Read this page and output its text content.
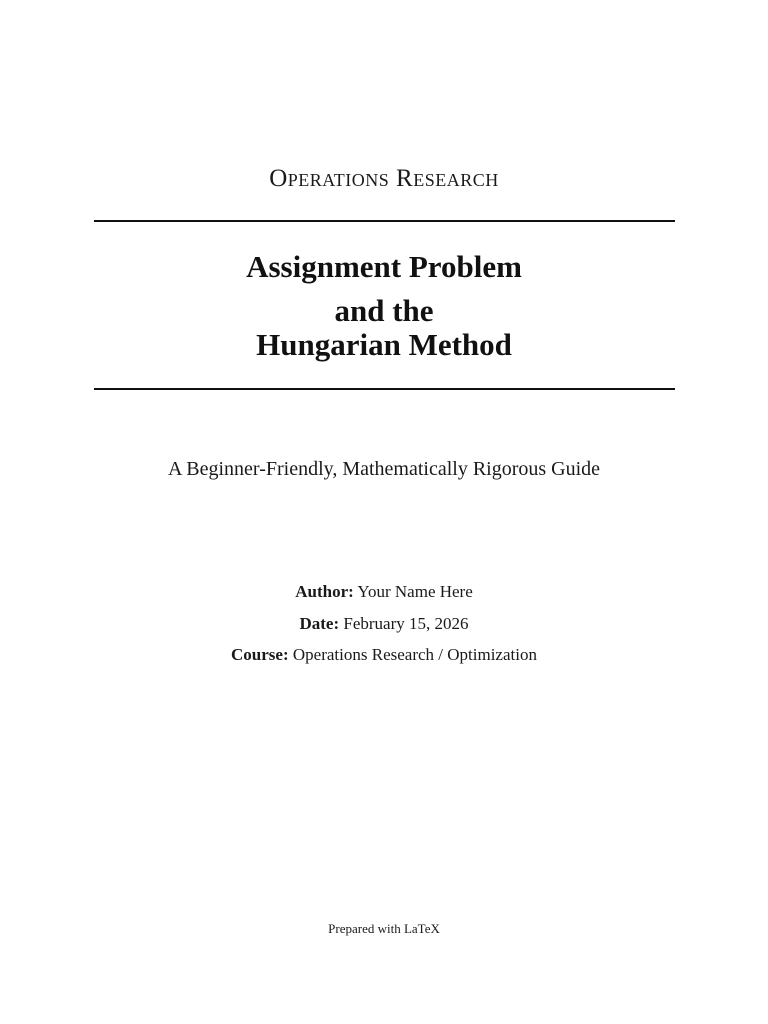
Operations Research
Assignment Problem
and the
Hungarian Method
A Beginner-Friendly, Mathematically Rigorous Guide
Author: Your Name Here
Date: February 15, 2026
Course: Operations Research / Optimization
Prepared with LaTeX
